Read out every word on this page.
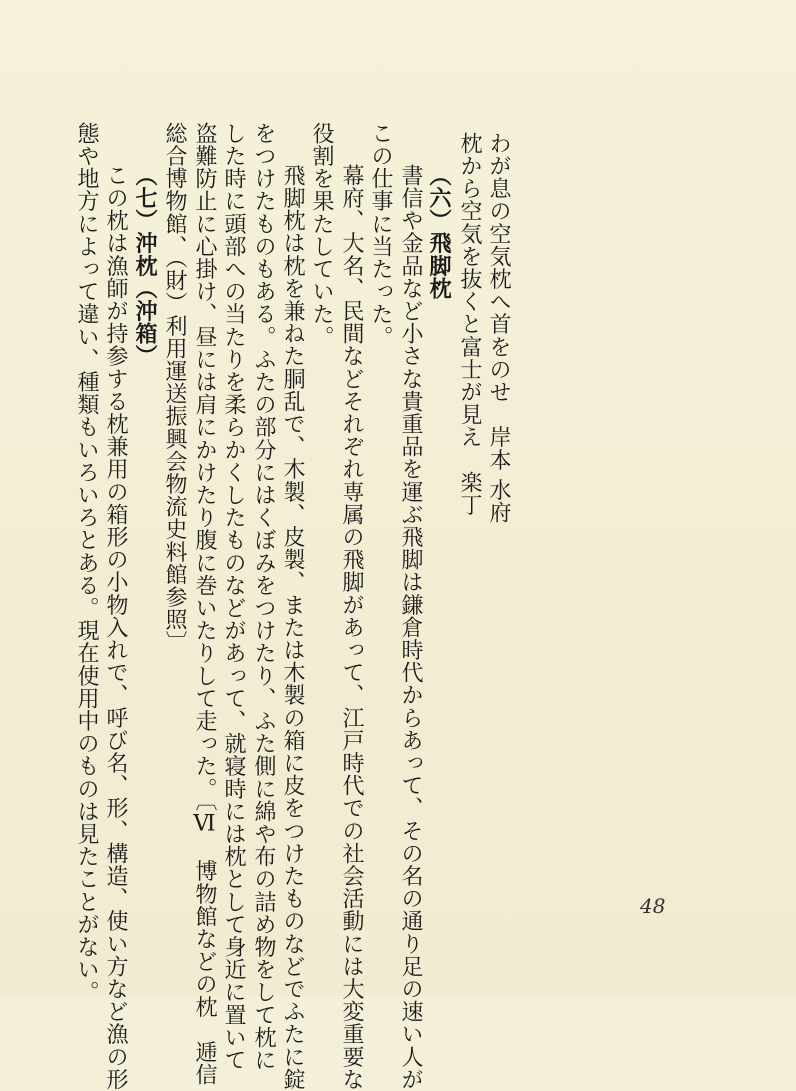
わが息の空気枕へ首をのせ　岸本 水府
枕から空気を抜くと富士が見え　楽丁
（六）飛脚枕
書信や金品など小さな貴重品を運ぶ飛脚は鎌倉時代からあって、その名の通り足の速い人が
この仕事に当たった。
幕府、大名、民間などそれぞれ専属の飛脚があって、江戸時代での社会活動には大変重要な
役割を果たしていた。
飛脚枕は枕を兼ねた胴乱で、木製、皮製、または木製の箱に皮をつけたものなどでふたに錠
をつけたものもある。ふたの部分にはくぼみをつけたり、ふた側に綿や布の詰め物をして枕に
した時に頭部への当たりを柔らかくしたものなどがあって、就寝時には枕として身近に置いて
盗難防止に心掛け、昼には肩にかけたり腹に巻いたりして走った。〔Ⅵ　博物館などの枕　逓信
総合博物館、（財）利用運送振興会物流史料館参照〕
（七）沖枕（沖箱）
この枕は漁師が持参する枕兼用の箱形の小物入れで、呼び名、形、構造、使い方など漁の形
態や地方によって違い、種類もいろいろとある。現在使用中のものは見たことがない。	48
